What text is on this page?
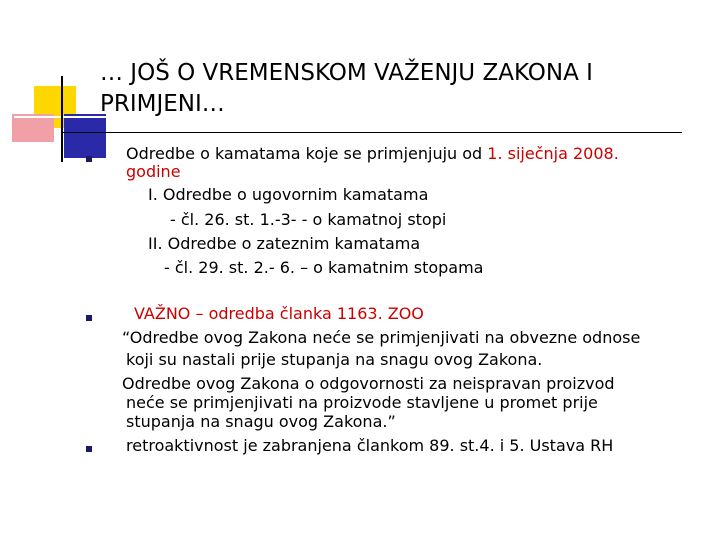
… JOŠ O VREMENSKOM VAŽENJU ZAKONA I
PRIMJENI…
Odredbe o kamatama koje se primjenjuju od 1. siječnja 2008.
godine
I. Odredbe o ugovornim kamatama
- čl. 26. st. 1.-3- - o kamatnoj stopi
II. Odredbe o zateznim kamatama
- čl. 29. st. 2.- 6. – o kamatnim stopama
VAŽNO – odredba članka 1163. ZOO
“Odredbe ovog Zakona neće se primjenjivati na obvezne odnose
koji su nastali prije stupanja na snagu ovog Zakona.
Odredbe ovog Zakona o odgovornosti za neispravan proizvod
neće se primjenjivati na proizvode stavljene u promet prije
stupanja na snagu ovog Zakona.”
retroaktivnost je zabranjena člankom 89. st.4. i 5. Ustava RH
